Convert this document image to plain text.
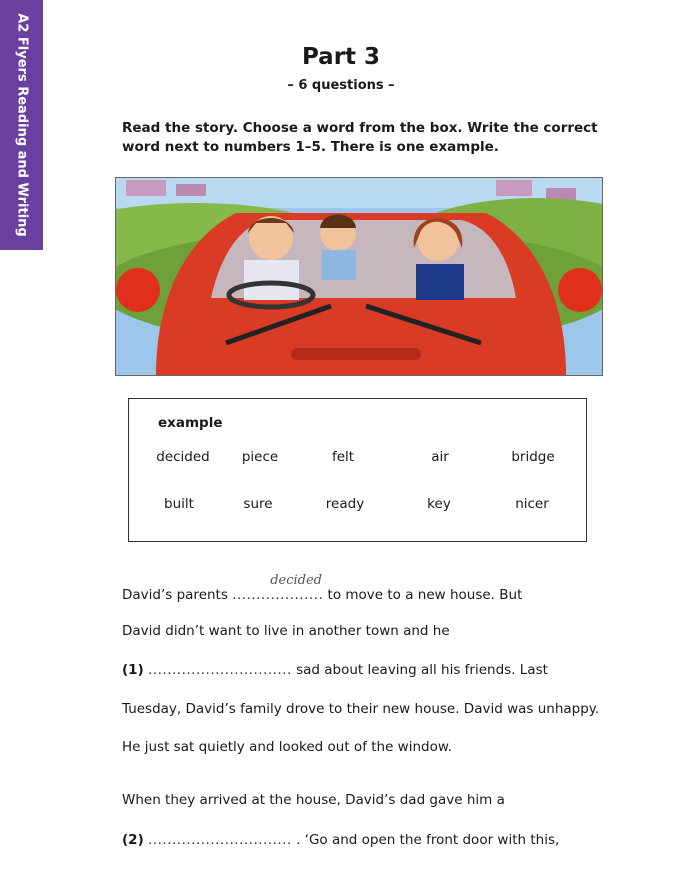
A2 Flyers Reading and Writing	Part 3
– 6 questions –
Read the story. Choose a word from the box. Write the correct word next to numbers 1–5. There is one example.
example
decided	piece	felt	air	bridge
built	sure	ready	key	nicer
David’s parents ...................
decided
to move to a new house. But
David didn’t want to live in another town and he
(1) .............................. sad about leaving all his friends. Last
Tuesday, David’s family drove to their new house. David was unhappy.
He just sat quietly and looked out of the window.
When they arrived at the house, David’s dad gave him a
(2) .............................. . ‘Go and open the front door with this,
